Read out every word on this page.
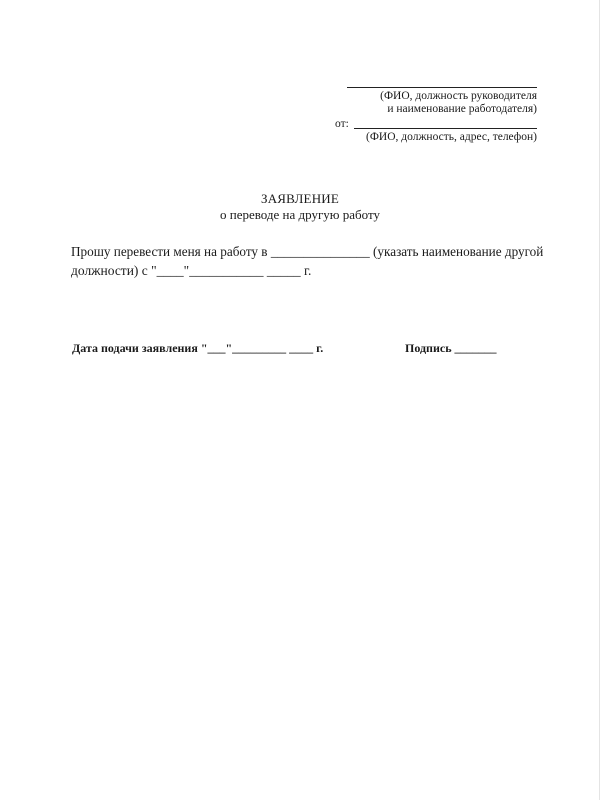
(ФИО, должность руководителя
и наименование работодателя)
от:
(ФИО, должность, адрес, телефон)
ЗАЯВЛЕНИЕ
о переводе на другую работу
Прошу перевести меня на работу в _______________ (указать наименование другой
должности) с "____"___________ _____ г.
Дата подачи заявления "___"_________ ____ г.	Подпись _______
